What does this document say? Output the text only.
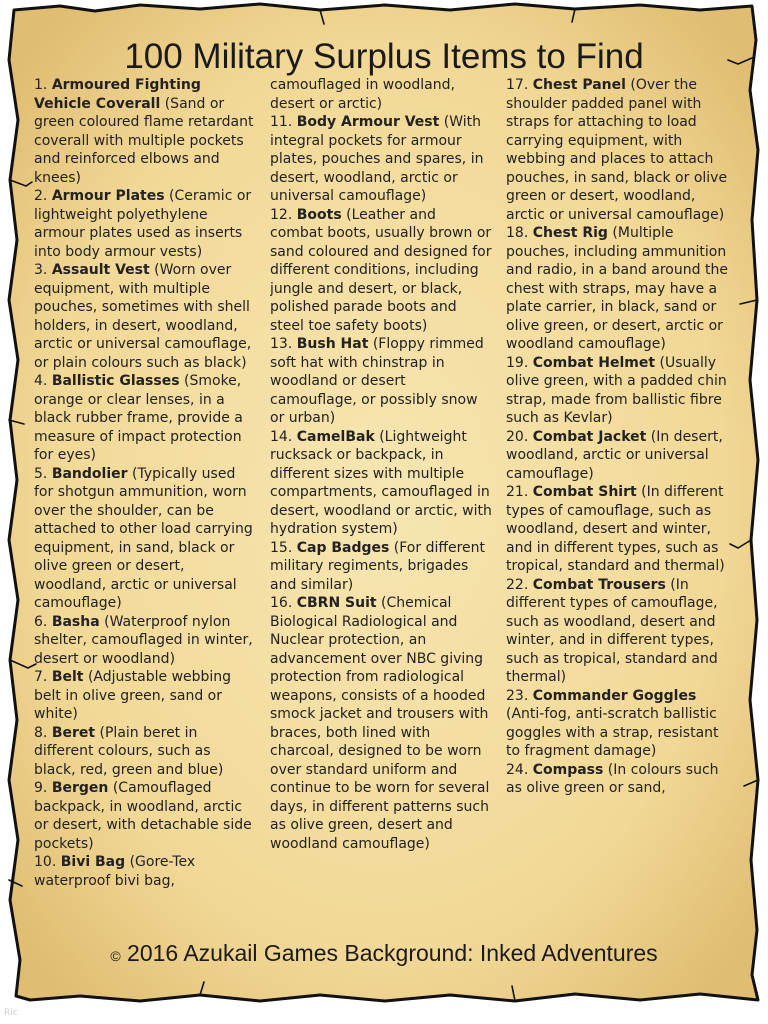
100 Military Surplus Items to Find

1. Armoured Fighting Vehicle Coverall (Sand or green coloured flame retardant coverall with multiple pockets and reinforced elbows and knees)

2. Armour Plates (Ceramic or lightweight polyethylene armour plates used as inserts into body armour vests)

3. Assault Vest (Worn over equipment, with multiple pouches, sometimes with shell holders, in desert, woodland, arctic or universal camouflage, or plain colours such as black)

4. Ballistic Glasses (Smoke, orange or clear lenses, in a black rubber frame, provide a measure of impact protection for eyes)

5. Bandolier (Typically used for shotgun ammunition, worn over the shoulder, can be attached to other load carrying equipment, in sand, black or olive green or desert, woodland, arctic or universal camouflage)

6. Basha (Waterproof nylon shelter, camouflaged in winter, desert or woodland)

7. Belt (Adjustable webbing belt in olive green, sand or white)

8. Beret (Plain beret in different colours, such as black, red, green and blue)

9. Bergen (Camouflaged backpack, in woodland, arctic or desert, with detachable side pockets)

10. Bivi Bag (Gore-Tex waterproof bivi bag,

camouflaged in woodland, desert or arctic)

11. Body Armour Vest (With integral pockets for armour plates, pouches and spares, in desert, woodland, arctic or universal camouflage)

12. Boots (Leather and combat boots, usually brown or sand coloured and designed for different conditions, including jungle and desert, or black, polished parade boots and steel toe safety boots)

13. Bush Hat (Floppy rimmed soft hat with chinstrap in woodland or desert camouflage, or possibly snow or urban)

14. CamelBak (Lightweight rucksack or backpack, in different sizes with multiple compartments, camouflaged in desert, woodland or arctic, with hydration system)

15. Cap Badges (For different military regiments, brigades and similar)

16. CBRN Suit (Chemical Biological Radiological and Nuclear protection, an advancement over NBC giving protection from radiological weapons, consists of a hooded smock jacket and trousers with braces, both lined with charcoal, designed to be worn over standard uniform and continue to be worn for several days, in different patterns such as olive green, desert and woodland camouflage)

17. Chest Panel (Over the shoulder padded panel with straps for attaching to load carrying equipment, with webbing and places to attach pouches, in sand, black or olive green or desert, woodland, arctic or universal camouflage)

18. Chest Rig (Multiple pouches, including ammunition and radio, in a band around the chest with straps, may have a plate carrier, in black, sand or olive green, or desert, arctic or woodland camouflage)

19. Combat Helmet (Usually olive green, with a padded chin strap, made from ballistic fibre such as Kevlar)

20. Combat Jacket (In desert, woodland, arctic or universal camouflage)

21. Combat Shirt (In different types of camouflage, such as woodland, desert and winter, and in different types, such as tropical, standard and thermal)

22. Combat Trousers (In different types of camouflage, such as woodland, desert and winter, and in different types, such as tropical, standard and thermal)

23. Commander Goggles (Anti-fog, anti-scratch ballistic goggles with a strap, resistant to fragment damage)

24. Compass (In colours such as olive green or sand,

© 2016 Azukail Games Background: Inked Adventures

Ric
